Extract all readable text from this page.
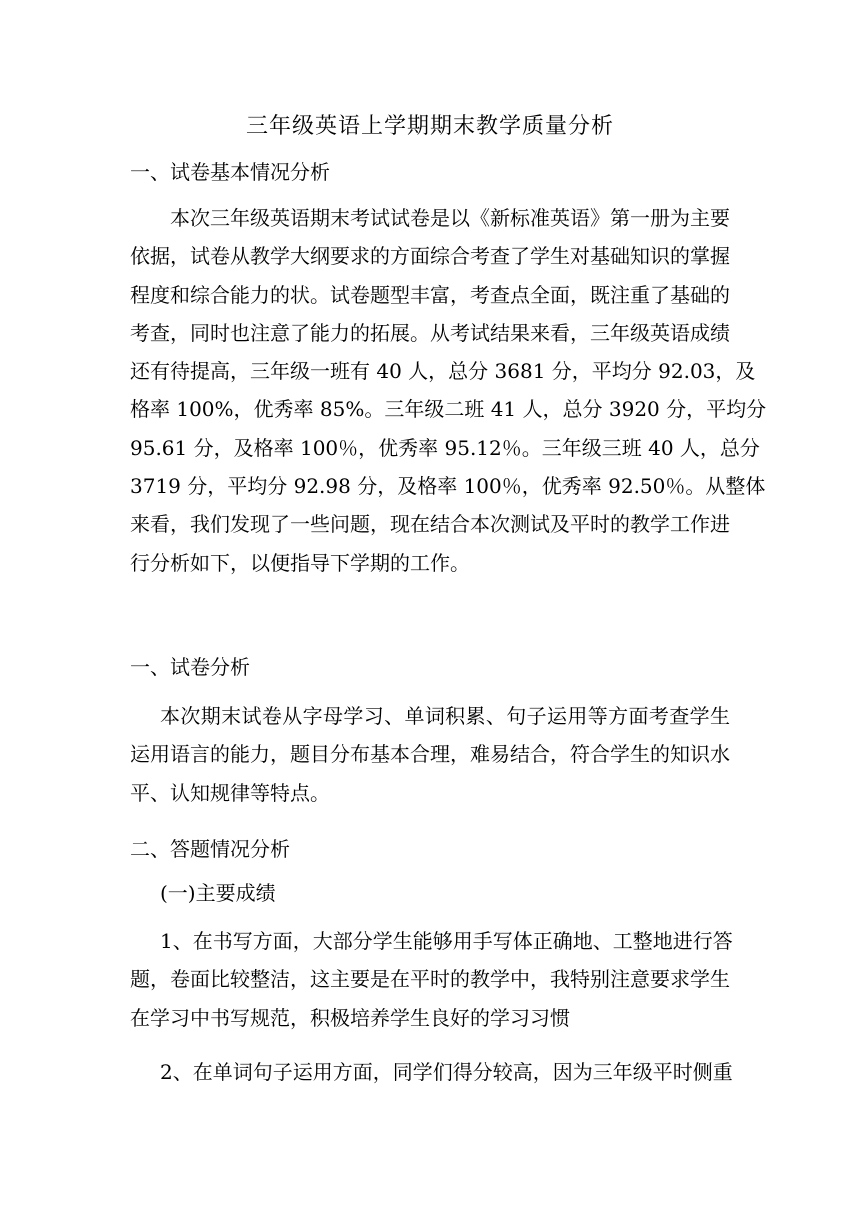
三年级英语上学期期末教学质量分析
一、试卷基本情况分析
本次三年级英语期末考试试卷是以《新标准英语》第一册为主要
依据，试卷从教学大纲要求的方面综合考查了学生对基础知识的掌握
程度和综合能力的状。试卷题型丰富，考查点全面，既注重了基础的
考查，同时也注意了能力的拓展。从考试结果来看，三年级英语成绩
还有待提高，三年级一班有 40 人，总分 3681 分，平均分 92.03，及
格率 100%，优秀率 85%。三年级二班 41 人，总分 3920 分，平均分
95.61 分，及格率 100％，优秀率 95.12％。三年级三班 40 人，总分
3719 分，平均分 92.98 分，及格率 100％，优秀率 92.50％。从整体
来看，我们发现了一些问题，现在结合本次测试及平时的教学工作进
行分析如下，以便指导下学期的工作。
一、试卷分析
本次期末试卷从字母学习、单词积累、句子运用等方面考查学生
运用语言的能力，题目分布基本合理，难易结合，符合学生的知识水
平、认知规律等特点。
二、答题情况分析
(一)主要成绩
1、在书写方面，大部分学生能够用手写体正确地、工整地进行答
题，卷面比较整洁，这主要是在平时的教学中，我特别注意要求学生
在学习中书写规范，积极培养学生良好的学习习惯
2、在单词句子运用方面，同学们得分较高，因为三年级平时侧重
